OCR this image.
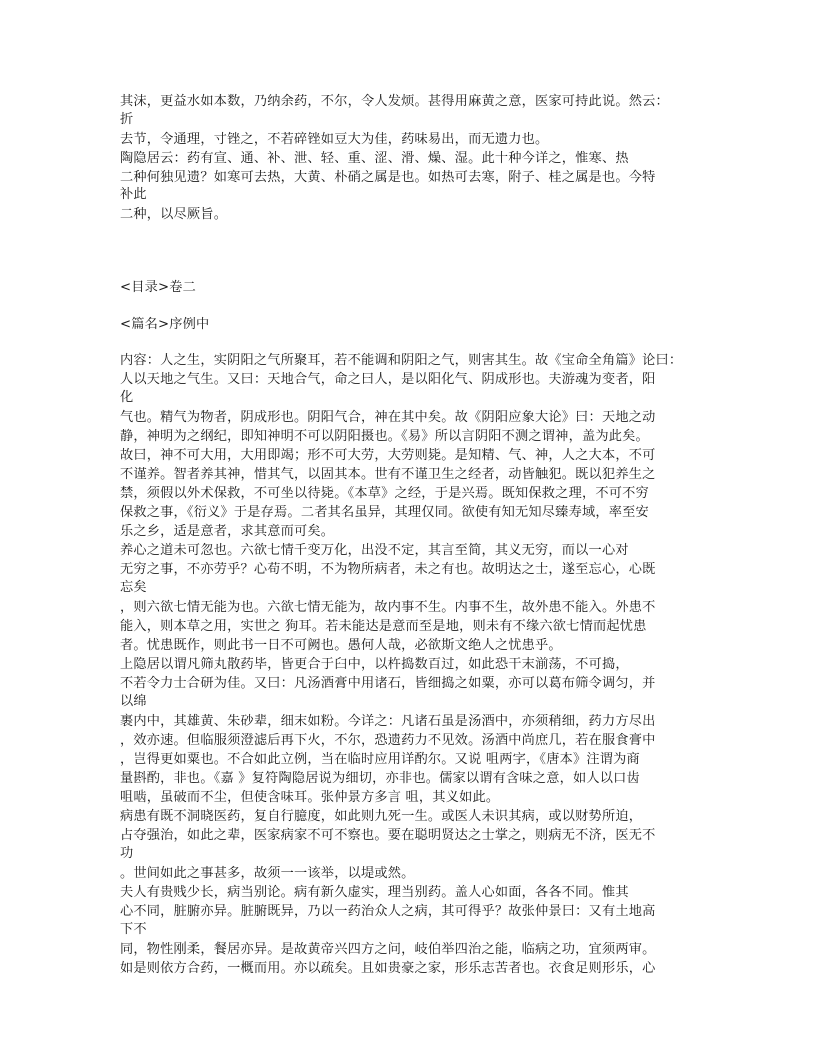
其沫，更益水如本数，乃纳余药，不尔，令人发烦。甚得用麻黄之意，医家可持此说。然云：
折
去节，令通理，寸锉之，不若碎锉如豆大为佳，药味易出，而无遗力也。
陶隐居云：药有宣、通、补、泄、轻、重、涩、滑、燥、湿。此十种今详之，惟寒、热
二种何独见遗？如寒可去热，大黄、朴硝之属是也。如热可去寒，附子、桂之属是也。今特
补此
二种，以尽厥旨。
<目录>卷二
<篇名>序例中
内容：人之生，实阴阳之气所聚耳，若不能调和阴阳之气，则害其生。故《宝命全角篇》论曰：
人以天地之气生。又曰：天地合气，命之曰人，是以阳化气、阴成形也。夫游魂为变者，阳
化
气也。精气为物者，阴成形也。阴阳气合，神在其中矣。故《阴阳应象大论》曰：天地之动
静，神明为之纲纪，即知神明不可以阴阳摄也。《易》所以言阴阳不测之谓神，盖为此矣。
故曰，神不可大用，大用即竭；形不可大劳，大劳则毙。是知精、气、神，人之大本，不可
不谨养。智者养其神，惜其气，以固其本。世有不谨卫生之经者，动皆触犯。既以犯养生之
禁，须假以外术保救，不可坐以待毙。《本草》之经，于是兴焉。既知保救之理，不可不穷
保救之事，《衍义》于是存焉。二者其名虽异，其理仅同。欲使有知无知尽臻寿域，率至安
乐之乡，适是意者，求其意而可矣。
养心之道未可忽也。六欲七情千变万化，出没不定，其言至简，其义无穷，而以一心对
无穷之事，不亦劳乎？心苟不明，不为物所病者，未之有也。故明达之士，遂至忘心，心既
忘矣
，则六欲七情无能为也。六欲七情无能为，故内事不生。内事不生，故外患不能入。外患不
能入，则本草之用，实世之 狗耳。若未能达是意而至是地，则未有不缘六欲七情而起忧患
者。忧患既作，则此书一日不可阙也。愚何人哉，必欲斯文绝人之忧患乎。
上隐居以谓凡筛丸散药毕，皆更合于臼中，以杵捣数百过，如此恐干末湔荡，不可捣，
不若令力士合研为佳。又曰：凡汤酒膏中用诸石，皆细捣之如粟，亦可以葛布筛令调匀，并
以绵
裹内中，其雄黄、朱砂辈，细末如粉。今详之：凡诸石虽是汤酒中，亦须稍细，药力方尽出
，效亦速。但临服须澄滤后再下火，不尔，恐遗药力不见效。汤酒中尚庶几，若在服食膏中
，岂得更如粟也。不合如此立例，当在临时应用详酌尔。又说 咀两字，《唐本》注谓为商
量斟酌，非也。《嘉 》复符陶隐居说为细切，亦非也。儒家以谓有含味之意，如人以口齿
咀啮，虽破而不尘，但使含味耳。张仲景方多言 咀，其义如此。
病患有既不洞晓医药，复自行臆度，如此则九死一生。或医人未识其病，或以财势所迫，
占夺强治，如此之辈，医家病家不可不察也。要在聪明贤达之士掌之，则病无不济，医无不
功
。世间如此之事甚多，故须一一该举，以堤或然。
夫人有贵贱少长，病当别论。病有新久虚实，理当别药。盖人心如面，各各不同。惟其
心不同，脏腑亦异。脏腑既异，乃以一药治众人之病，其可得乎？故张仲景曰：又有土地高
下不
同，物性刚柔，餐居亦异。是故黄帝兴四方之问，岐伯举四治之能，临病之功，宜须两审。
如是则依方合药，一概而用。亦以疏矣。且如贵豪之家，形乐志苦者也。衣食足则形乐，心
